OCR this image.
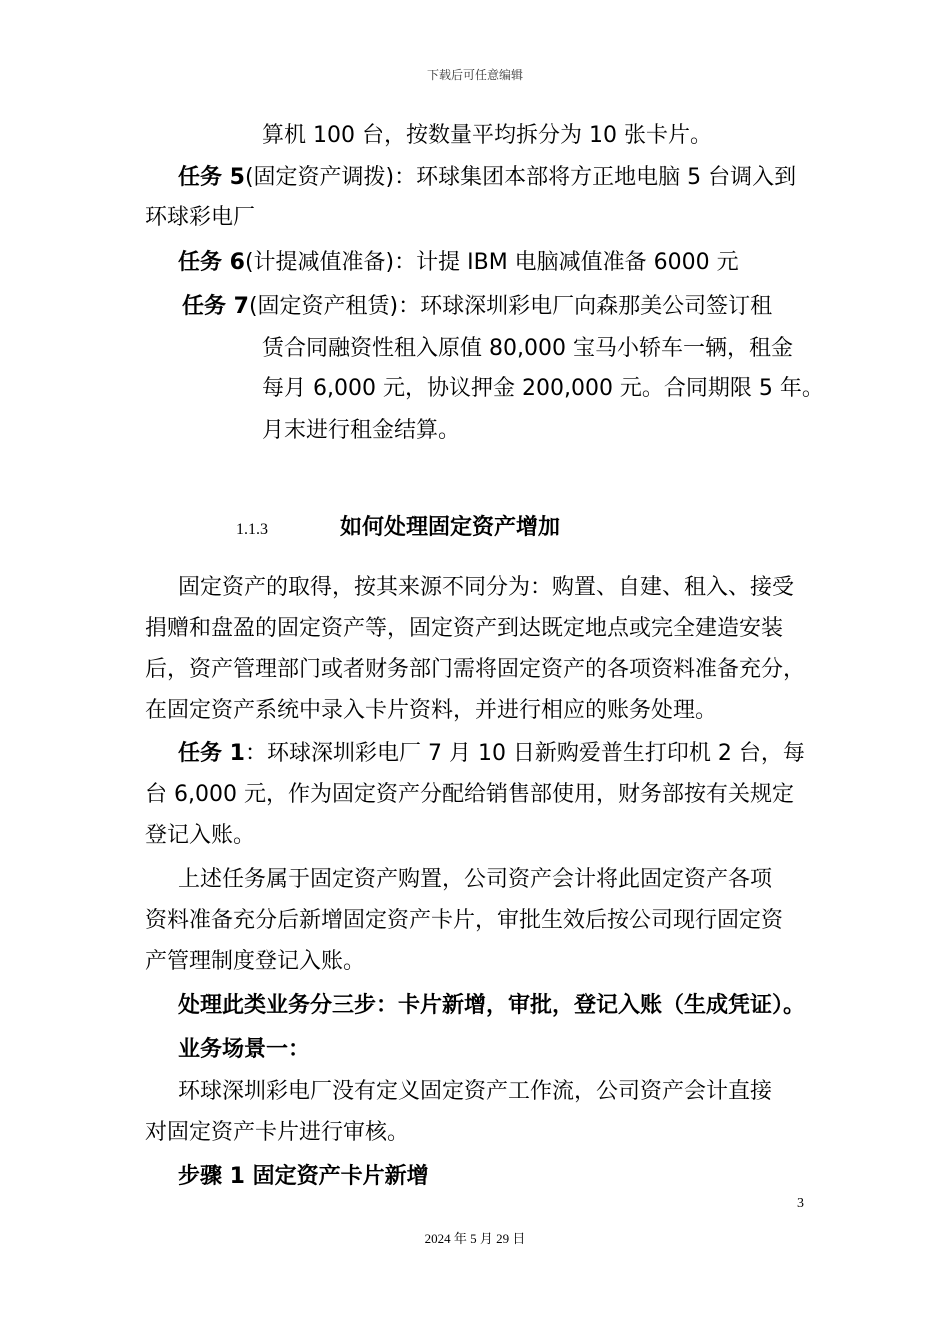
下载后可任意编辑
算机 100 台，按数量平均拆分为 10 张卡片。
任务 5(固定资产调拨)：环球集团本部将方正地电脑 5 台调入到
环球彩电厂
任务 6(计提减值准备)：计提 IBM 电脑减值准备 6000 元
任务 7(固定资产租赁)：环球深圳彩电厂向森那美公司签订租
赁合同融资性租入原值 80,000 宝马小轿车一辆，租金
每月 6,000 元，协议押金 200,000 元。合同期限 5 年。
月末进行租金结算。
1.1.3	如何处理固定资产增加
固定资产的取得，按其来源不同分为：购置、自建、租入、接受
捐赠和盘盈的固定资产等，固定资产到达既定地点或完全建造安装
后，资产管理部门或者财务部门需将固定资产的各项资料准备充分，
在固定资产系统中录入卡片资料，并进行相应的账务处理。
任务 1：环球深圳彩电厂 7 月 10 日新购爱普生打印机 2 台，每
台 6,000 元，作为固定资产分配给销售部使用，财务部按有关规定
登记入账。
上述任务属于固定资产购置，公司资产会计将此固定资产各项
资料准备充分后新增固定资产卡片，审批生效后按公司现行固定资
产管理制度登记入账。
处理此类业务分三步：卡片新增，审批，登记入账（生成凭证）。
业务场景一：
环球深圳彩电厂没有定义固定资产工作流，公司资产会计直接
对固定资产卡片进行审核。
步骤 1 固定资产卡片新增
3
2024 年 5 月 29 日
